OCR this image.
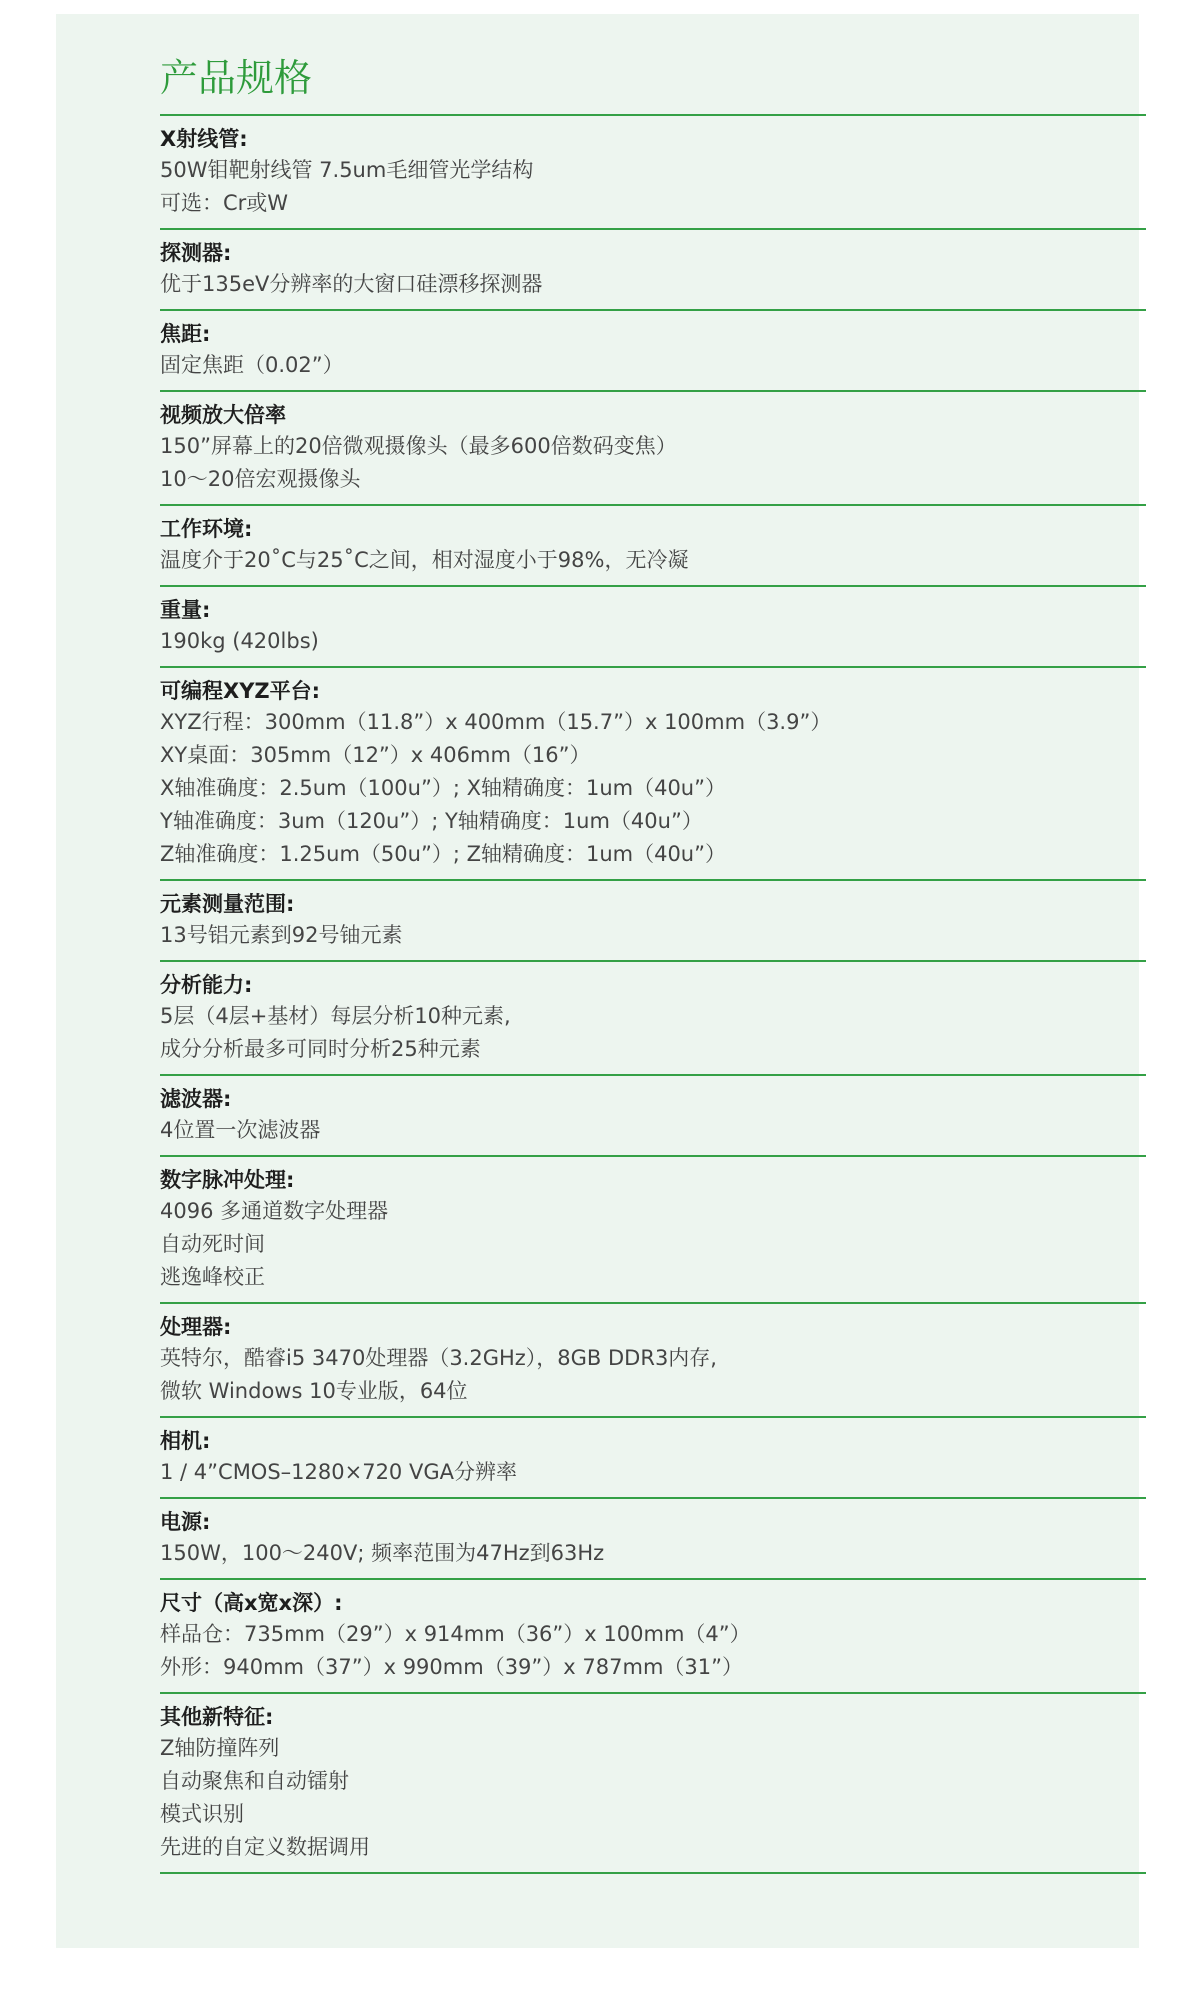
产品规格
X射线管:
50W钼靶射线管 7.5um毛细管光学结构
可选：Cr或W
探测器:
优于135eV分辨率的大窗口硅漂移探测器
焦距:
固定焦距（0.02”）
视频放大倍率
150”屏幕上的20倍微观摄像头（最多600倍数码变焦）
10～20倍宏观摄像头
工作环境:
温度介于20˚C与25˚C之间，相对湿度小于98%，无冷凝
重量:
190kg (420lbs)
可编程XYZ平台:
XYZ行程：300mm（11.8”）x 400mm（15.7”）x 100mm（3.9”）
XY桌面：305mm（12”）x 406mm（16”）
X轴准确度：2.5um（100u”）; X轴精确度：1um（40u”）
Y轴准确度：3um（120u”）; Y轴精确度：1um（40u”）
Z轴准确度：1.25um（50u”）; Z轴精确度：1um（40u”）
元素测量范围:
13号铝元素到92号铀元素
分析能力:
5层（4层+基材）每层分析10种元素,
成分分析最多可同时分析25种元素
滤波器:
4位置一次滤波器
数字脉冲处理:
4096 多通道数字处理器
自动死时间
逃逸峰校正
处理器:
英特尔，酷睿i5 3470处理器（3.2GHz），8GB DDR3内存,
微软 Windows 10专业版，64位
相机:
1 / 4”CMOS–1280×720 VGA分辨率
电源:
150W，100～240V; 频率范围为47Hz到63Hz
尺寸（高x宽x深）:
样品仓：735mm（29”）x 914mm（36”）x 100mm（4”）
外形：940mm（37”）x 990mm（39”）x 787mm（31”）
其他新特征:
Z轴防撞阵列
自动聚焦和自动镭射
模式识别
先进的自定义数据调用
